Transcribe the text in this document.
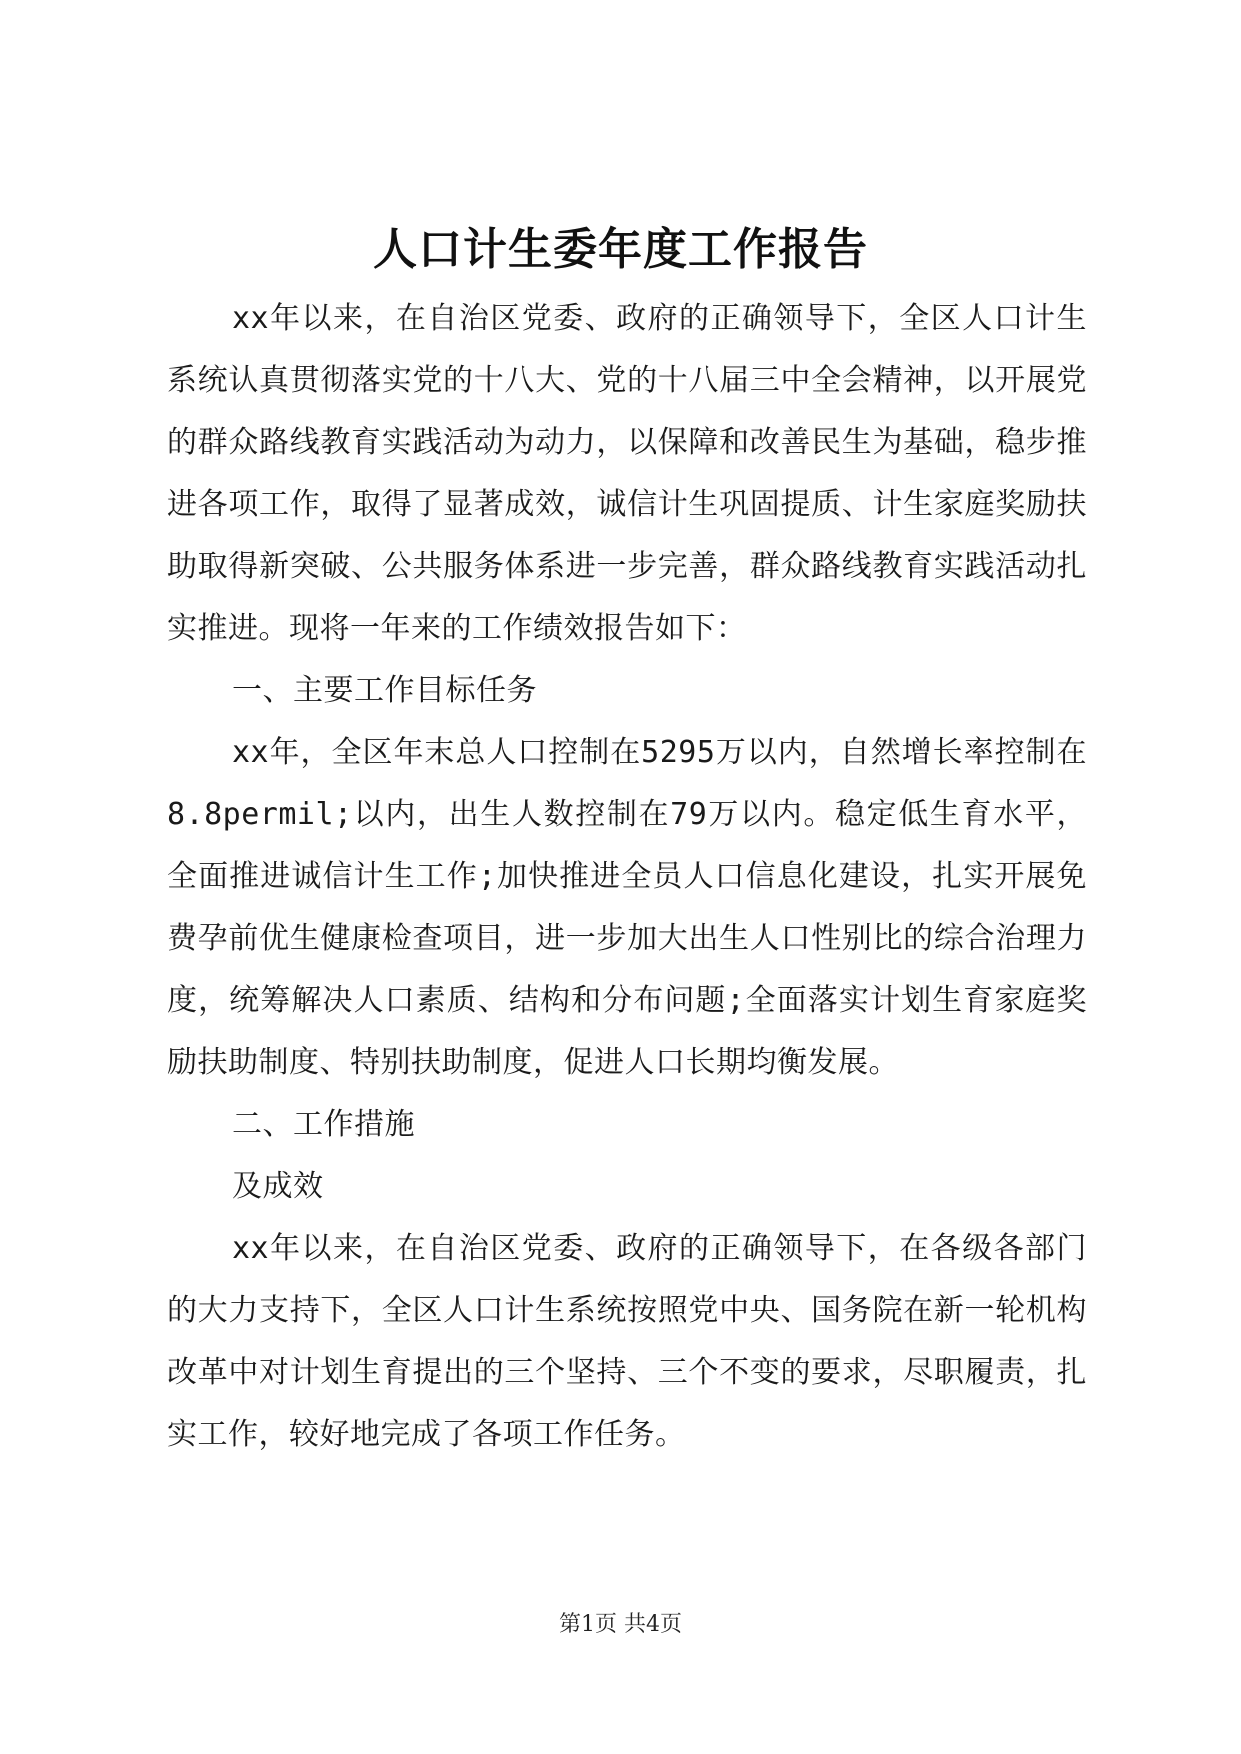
人口计生委年度工作报告

xx年以来，在自治区党委、政府的正确领导下，全区人口计生系统认真贯彻落实党的十八大、党的十八届三中全会精神，以开展党的群众路线教育实践活动为动力，以保障和改善民生为基础，稳步推进各项工作，取得了显著成效，诚信计生巩固提质、计生家庭奖励扶助取得新突破、公共服务体系进一步完善，群众路线教育实践活动扎实推进。现将一年来的工作绩效报告如下：

一、主要工作目标任务

xx年，全区年末总人口控制在5295万以内，自然增长率控制在8.8permil;以内，出生人数控制在79万以内。稳定低生育水平，全面推进诚信计生工作;加快推进全员人口信息化建设，扎实开展免费孕前优生健康检查项目，进一步加大出生人口性别比的综合治理力度，统筹解决人口素质、结构和分布问题;全面落实计划生育家庭奖励扶助制度、特别扶助制度，促进人口长期均衡发展。

二、工作措施

及成效

xx年以来，在自治区党委、政府的正确领导下，在各级各部门的大力支持下，全区人口计生系统按照党中央、国务院在新一轮机构改革中对计划生育提出的三个坚持、三个不变的要求，尽职履责，扎实工作，较好地完成了各项工作任务。

第1页 共4页
